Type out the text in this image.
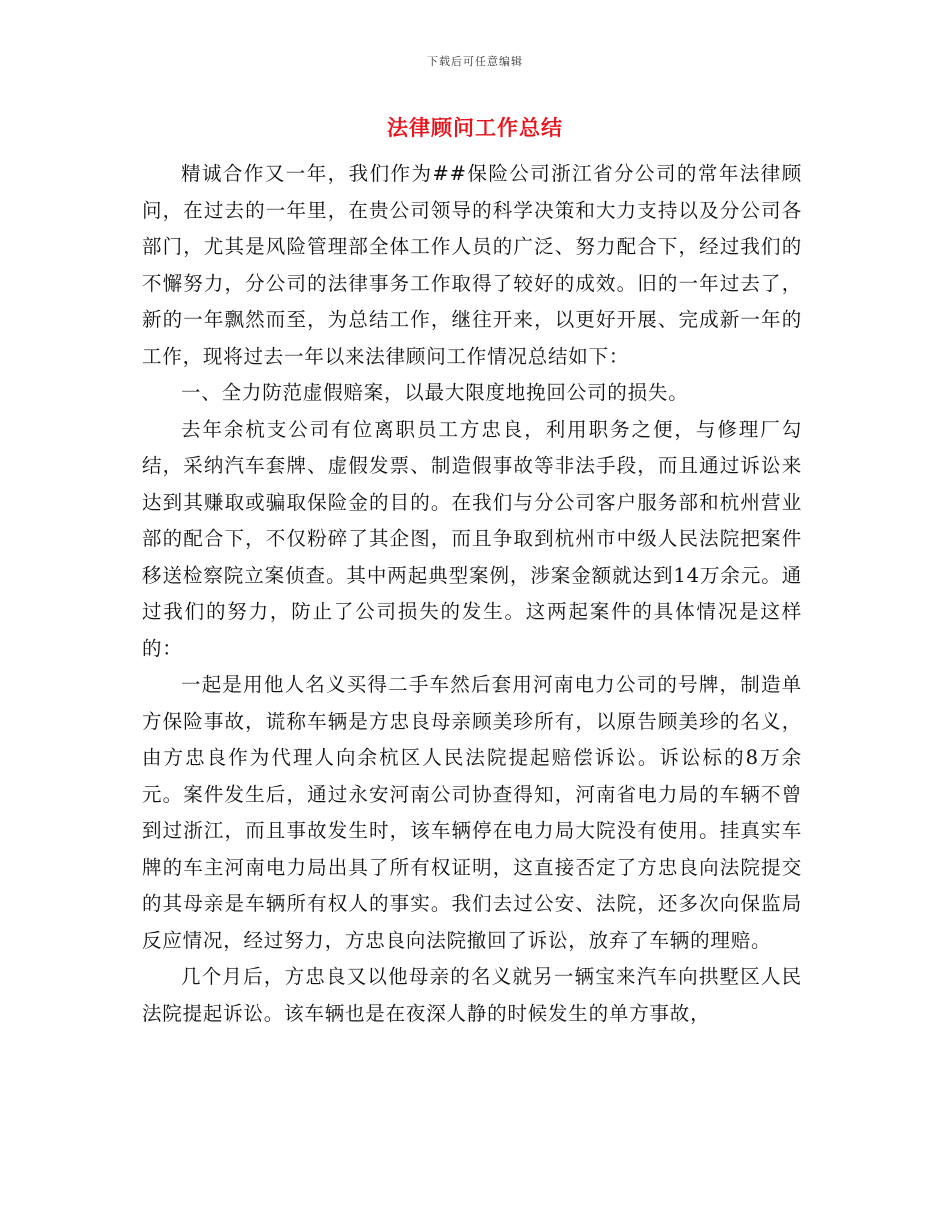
下载后可任意编辑
法律顾问工作总结

精诚合作又一年，我们作为##保险公司浙江省分公司的常年法律顾问，在过去的一年里，在贵公司领导的科学决策和大力支持以及分公司各部门，尤其是风险管理部全体工作人员的广泛、努力配合下，经过我们的不懈努力，分公司的法律事务工作取得了较好的成效。旧的一年过去了，新的一年飘然而至，为总结工作，继往开来，以更好开展、完成新一年的工作，现将过去一年以来法律顾问工作情况总结如下：

一、全力防范虚假赔案，以最大限度地挽回公司的损失。

去年余杭支公司有位离职员工方忠良，利用职务之便，与修理厂勾结，采纳汽车套牌、虚假发票、制造假事故等非法手段，而且通过诉讼来达到其赚取或骗取保险金的目的。在我们与分公司客户服务部和杭州营业部的配合下，不仅粉碎了其企图，而且争取到杭州市中级人民法院把案件移送检察院立案侦查。其中两起典型案例，涉案金额就达到14万余元。通过我们的努力，防止了公司损失的发生。这两起案件的具体情况是这样的：

一起是用他人名义买得二手车然后套用河南电力公司的号牌，制造单方保险事故，谎称车辆是方忠良母亲顾美珍所有，以原告顾美珍的名义，由方忠良作为代理人向余杭区人民法院提起赔偿诉讼。诉讼标的8万余元。案件发生后，通过永安河南公司协查得知，河南省电力局的车辆不曾到过浙江，而且事故发生时，该车辆停在电力局大院没有使用。挂真实车牌的车主河南电力局出具了所有权证明，这直接否定了方忠良向法院提交的其母亲是车辆所有权人的事实。我们去过公安、法院，还多次向保监局反应情况，经过努力，方忠良向法院撤回了诉讼，放弃了车辆的理赔。

几个月后，方忠良又以他母亲的名义就另一辆宝来汽车向拱墅区人民法院提起诉讼。该车辆也是在夜深人静的时候发生的单方事故，
